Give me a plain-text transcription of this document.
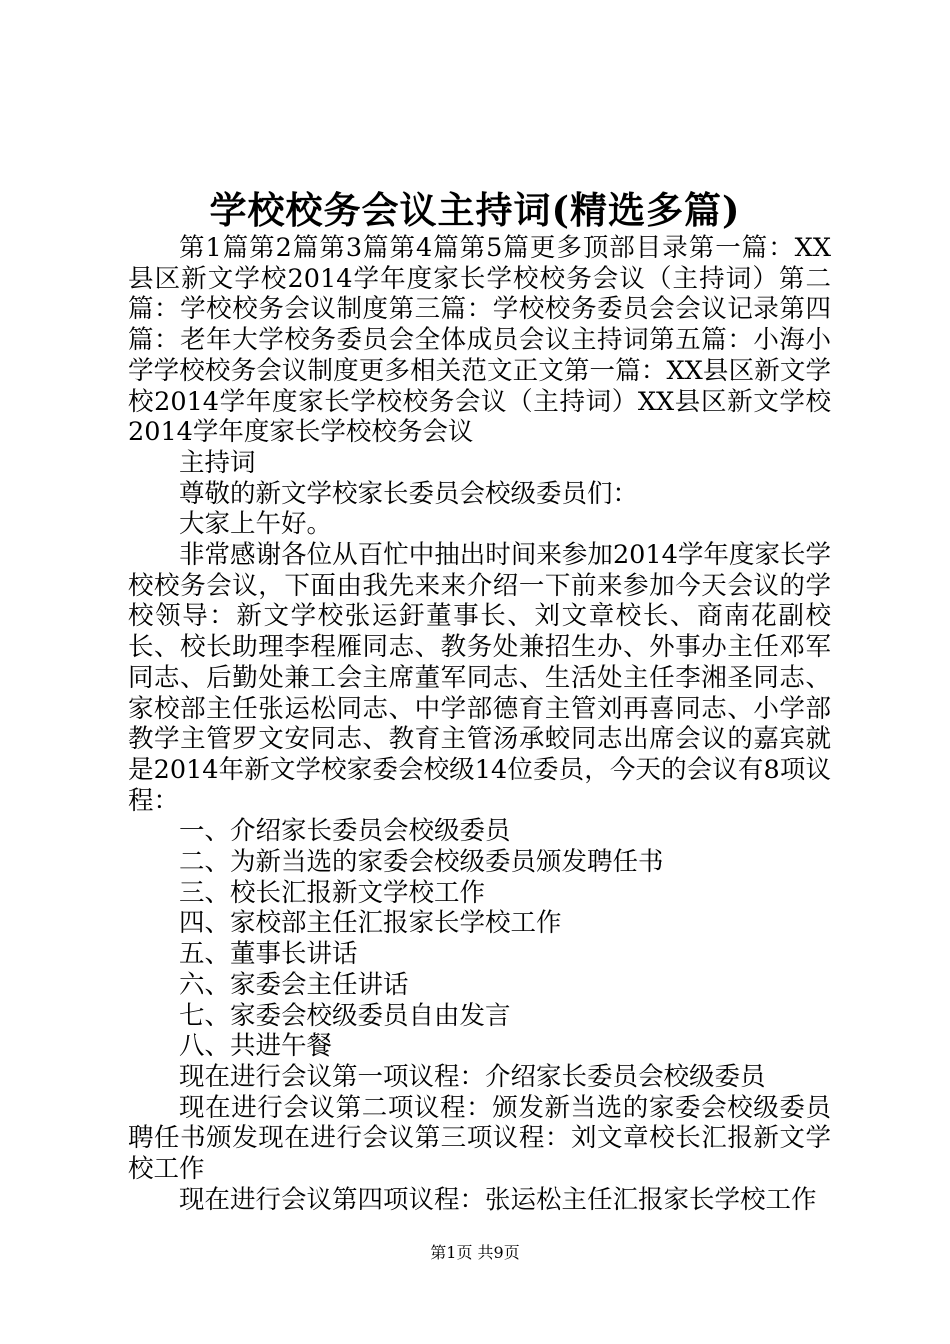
学校校务会议主持词(精选多篇)

第1篇第2篇第3篇第4篇第5篇更多顶部目录第一篇：XX县区新文学校2014学年度家长学校校务会议（主持词）第二篇：学校校务会议制度第三篇：学校校务委员会会议记录第四篇：老年大学校务委员会全体成员会议主持词第五篇：小海小学学校校务会议制度更多相关范文正文第一篇：XX县区新文学校2014学年度家长学校校务会议（主持词）XX县区新文学校2014学年度家长学校校务会议

主持词

尊敬的新文学校家长委员会校级委员们：

大家上午好。

非常感谢各位从百忙中抽出时间来参加2014学年度家长学校校务会议，下面由我先来来介绍一下前来参加今天会议的学校领导：新文学校张运釪董事长、刘文章校长、商南花副校长、校长助理李程雁同志、教务处兼招生办、外事办主任邓军同志、后勤处兼工会主席董军同志、生活处主任李湘圣同志、家校部主任张运松同志、中学部德育主管刘再喜同志、小学部教学主管罗文安同志、教育主管汤承蛟同志出席会议的嘉宾就是2014年新文学校家委会校级14位委员，今天的会议有8项议程：

一、介绍家长委员会校级委员

二、为新当选的家委会校级委员颁发聘任书

三、校长汇报新文学校工作

四、家校部主任汇报家长学校工作

五、董事长讲话

六、家委会主任讲话

七、家委会校级委员自由发言

八、共进午餐

现在进行会议第一项议程：介绍家长委员会校级委员

现在进行会议第二项议程：颁发新当选的家委会校级委员聘任书颁发现在进行会议第三项议程：刘文章校长汇报新文学校工作

现在进行会议第四项议程：张运松主任汇报家长学校工作

第1页 共9页
